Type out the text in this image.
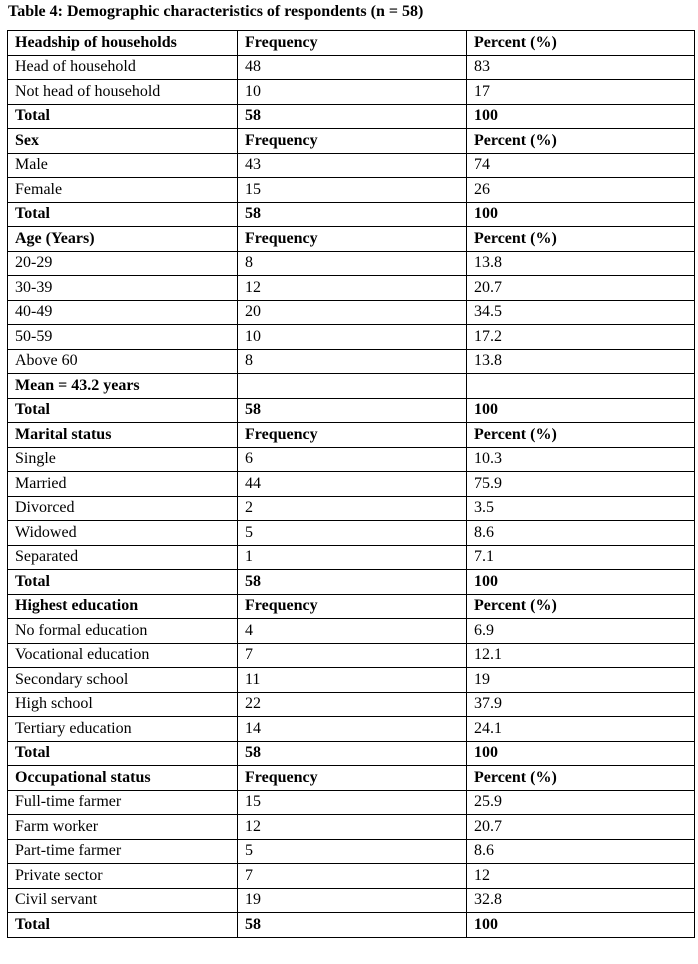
Table 4: Demographic characteristics of respondents (n = 58)
Headship of households	Frequency	Percent (%)
Head of household	48	83
Not head of household	10	17
Total	58	100
Sex	Frequency	Percent (%)
Male	43	74
Female	15	26
Total	58	100
Age (Years)	Frequency	Percent (%)
20-29	8	13.8
30-39	12	20.7
40-49	20	34.5
50-59	10	17.2
Above 60	8	13.8
Mean = 43.2 years		
Total	58	100
Marital status	Frequency	Percent (%)
Single	6	10.3
Married	44	75.9
Divorced	2	3.5
Widowed	5	8.6
Separated	1	7.1
Total	58	100
Highest education	Frequency	Percent (%)
No formal education	4	6.9
Vocational education	7	12.1
Secondary school	11	19
High school	22	37.9
Tertiary education	14	24.1
Total	58	100
Occupational status	Frequency	Percent (%)
Full-time farmer	15	25.9
Farm worker	12	20.7
Part-time farmer	5	8.6
Private sector	7	12
Civil servant	19	32.8
Total	58	100
